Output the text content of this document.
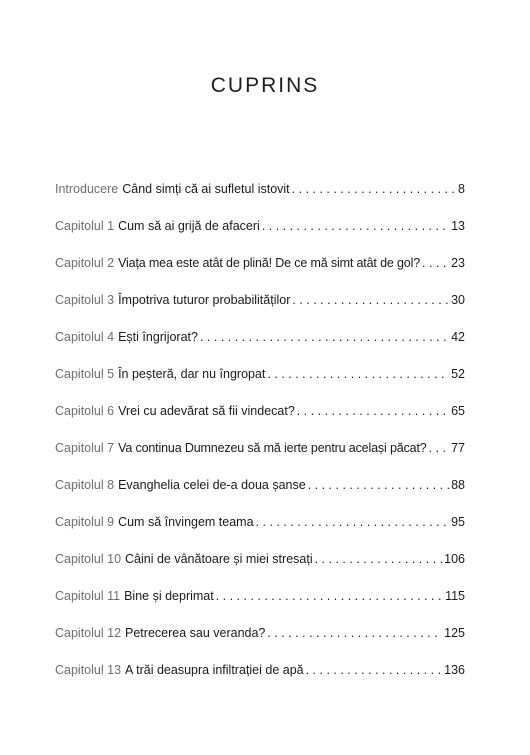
CUPRINS
Introducere Când simți că ai sufletul istovit . . .	8
Capitolul 1 Cum să ai grijă de afaceri . . .	13
Capitolul 2 Viața mea este atât de plină! De ce mă simt atât de gol? . . . 23
Capitolul 3 Împotriva tuturor probabilităților . . .	30
Capitolul 4 Ești îngrijorat? . . .	42
Capitolul 5 În peșteră, dar nu îngropat . . .	52
Capitolul 6 Vrei cu adevărat să fii vindecat? . . .	65
Capitolul 7 Va continua Dumnezeu să mă ierte pentru același păcat? . . . 77
Capitolul 8 Evanghelia celei de-a doua șanse . . .	88
Capitolul 9 Cum să învingem teama . . .	95
Capitolul 10 Câini de vânătoare și miei stresați . . .	106
Capitolul 11 Bine și deprimat . . .	115
Capitolul 12 Petrecerea sau veranda? . . .	125
Capitolul 13 A trăi deasupra infiltrației de apă . . .	136
